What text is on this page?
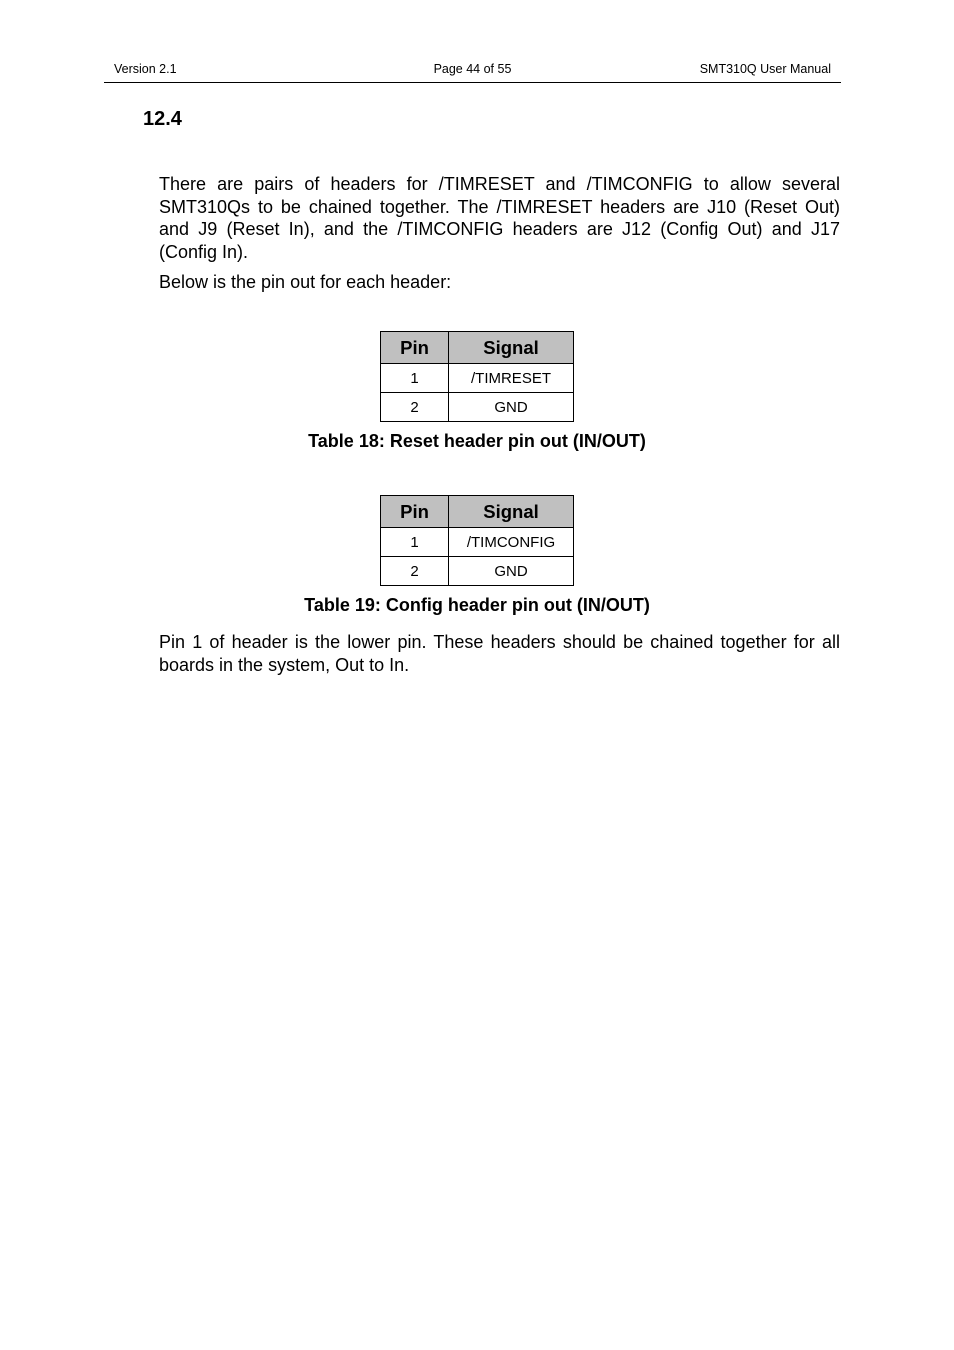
Version 2.1	Page 44 of 55	SMT310Q User Manual
12.4

There are pairs of headers for /TIMRESET and /TIMCONFIG to allow several SMT310Qs to be chained together. The /TIMRESET headers are J10 (Reset Out) and J9 (Reset In), and the /TIMCONFIG headers are J12 (Config Out) and J17 (Config In).

Below is the pin out for each header:

Pin	Signal
1	/TIMRESET
2	GND
Table 18: Reset header pin out (IN/OUT)
Pin	Signal
1	/TIMCONFIG
2	GND
Table 19: Config header pin out (IN/OUT)

Pin 1 of header is the lower pin. These headers should be chained together for all boards in the system, Out to In.
